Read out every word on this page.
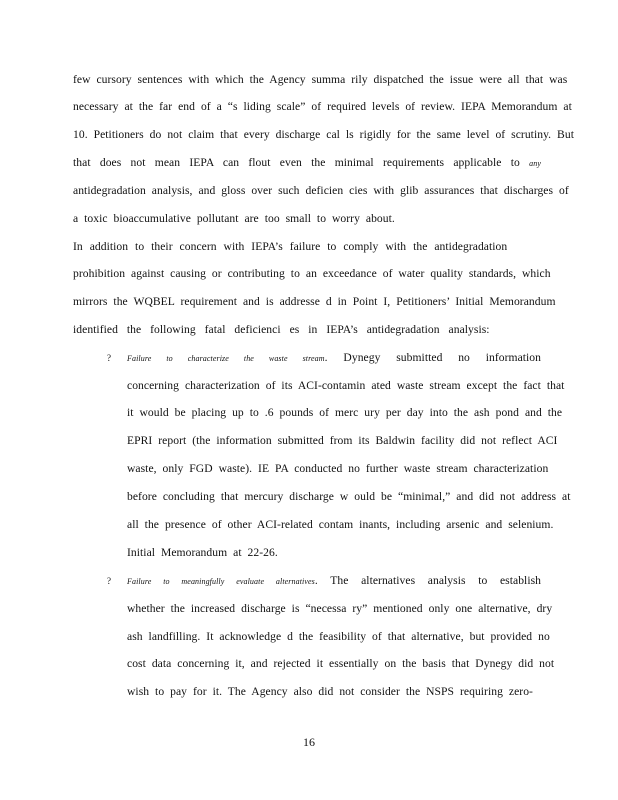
few cursory sentences with which the Agency summa rily dispatched the issue were all that was
necessary at the far end of a “s liding scale” of required levels of review. IEPA Memorandum at
10. Petitioners do not claim that every discharge cal ls rigidly for the same level of scrutiny. But
that does not mean IEPA can flout even the minimal requirements applicable to any
antidegradation analysis, and gloss over such deficien cies with glib assurances that discharges of
a toxic bioaccumulative pollutant are too small to worry about.
In addition to their concern with IEPA’s failure to comply with the antidegradation
prohibition against causing or contributing to an exceedance of water quality standards, which
mirrors the WQBEL requirement and is addresse d in Point I, Petitioners’ Initial Memorandum
identified the following fatal deficienci es in IEPA’s antidegradation analysis:
? Failure to characterize the waste stream. Dynegy submitted no information
concerning characterization of its ACI-contamin ated waste stream except the fact that
it would be placing up to .6 pounds of merc ury per day into the ash pond and the
EPRI report (the information submitted from its Baldwin facility did not reflect ACI
waste, only FGD waste). IE PA conducted no further waste stream characterization
before concluding that mercury discharge w ould be “minimal,” and did not address at
all the presence of other ACI-related contam inants, including arsenic and selenium.
Initial Memorandum at 22-26.
? Failure to meaningfully evaluate alternatives. The alternatives analysis to establish
whether the increased discharge is “necessa ry” mentioned only one alternative, dry
ash landfilling. It acknowledge d the feasibility of that alternative, but provided no
cost data concerning it, and rejected it essentially on the basis that Dynegy did not
wish to pay for it. The Agency also did not consider the NSPS requiring zero-
16
